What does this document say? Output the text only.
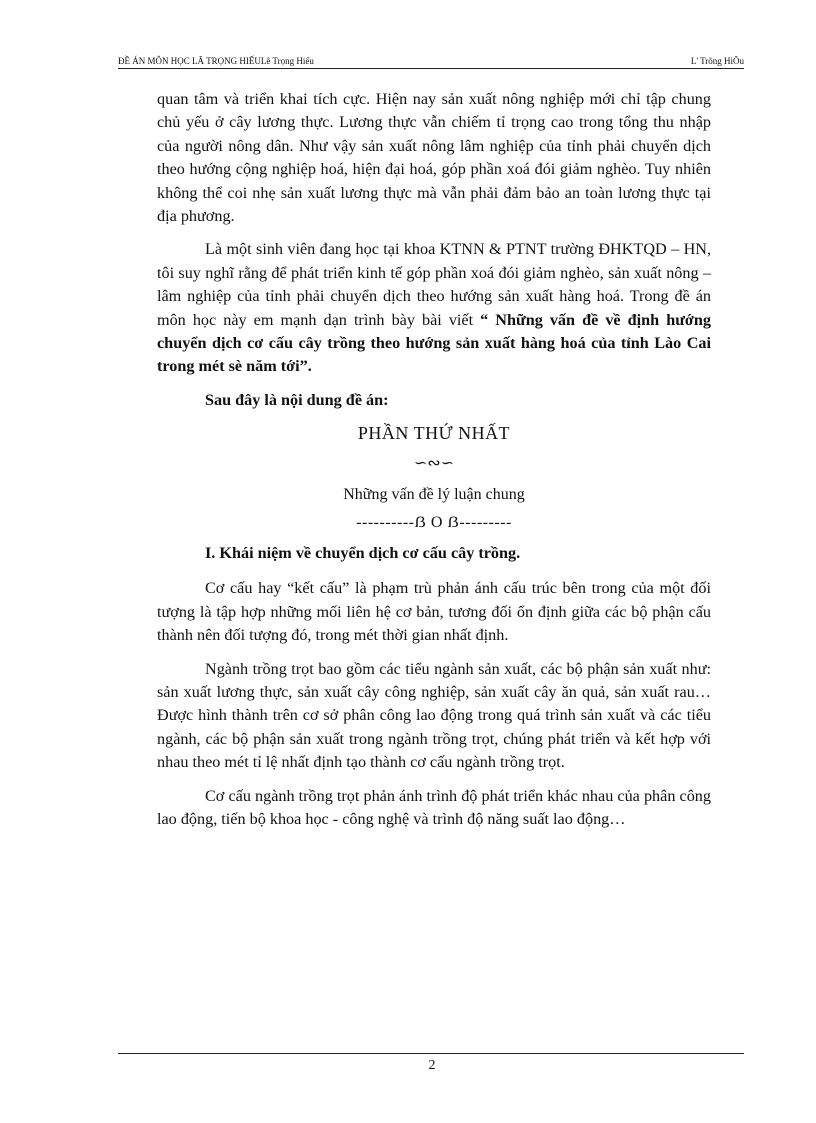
ĐỀ ÁN MÔN HỌC LÃ TRỌNG HIẾULê Trọng Hiếu	L' Trõng HiÕu

quan tâm và triển khai tích cực. Hiện nay sản xuất nông nghiệp mới chỉ tập chung chủ yếu ở cây lương thực. Lương thực vẫn chiếm tỉ trọng cao trong tổng thu nhập của người nông dân. Như vậy sản xuất nông lâm nghiệp của tỉnh phải chuyển dịch theo hướng cộng nghiệp hoá, hiện đại hoá, góp phần xoá đói giảm nghèo. Tuy nhiên không thể coi nhẹ sản xuất lương thực mà vẫn phải đảm bảo an toàn lương thực tại địa phương.

Là một sinh viên đang học tại khoa KTNN & PTNT trường ĐHKTQD – HN, tôi suy nghĩ rằng để phát triển kinh tế góp phần xoá đói giảm nghèo, sản xuất nông – lâm nghiệp của tỉnh phải chuyển dịch theo hướng sản xuất hàng hoá. Trong đề án môn học này em mạnh dạn trình bày bài viết “ Những vấn đề về định hướng chuyển dịch cơ cấu cây trồng theo hướng sản xuất hàng hoá của tỉnh Lào Cai trong mét sè năm tới”.

Sau đây là nội dung đề án:

PHẦN THỨ NHẤT
∽∾∽
Những vấn đề lý luận chung
----------ẞ O ẞ---------

I. Khái niệm về chuyển dịch cơ cấu cây trồng.

Cơ cấu hay “kết cấu” là phạm trù phản ánh cấu trúc bên trong của một đối tượng là tập hợp những mối liên hệ cơ bản, tương đối ổn định giữa các bộ phận cấu thành nên đối tượng đó, trong mét thời gian nhất định.

Ngành trồng trọt bao gồm các tiểu ngành sản xuất, các bộ phận sản xuất như: sản xuất lương thực, sản xuất cây công nghiệp, sản xuất cây ăn quả, sản xuất rau… Được hình thành trên cơ sở phân công lao động trong quá trình sản xuất và các tiểu ngành, các bộ phận sản xuất trong ngành trồng trọt, chúng phát triển và kết hợp với nhau theo mét tỉ lệ nhất định tạo thành cơ cấu ngành trồng trọt.

Cơ cấu ngành trồng trọt phản ánh trình độ phát triển khác nhau của phân công lao động, tiến bộ khoa học - công nghệ và trình độ năng suất lao động…

2
